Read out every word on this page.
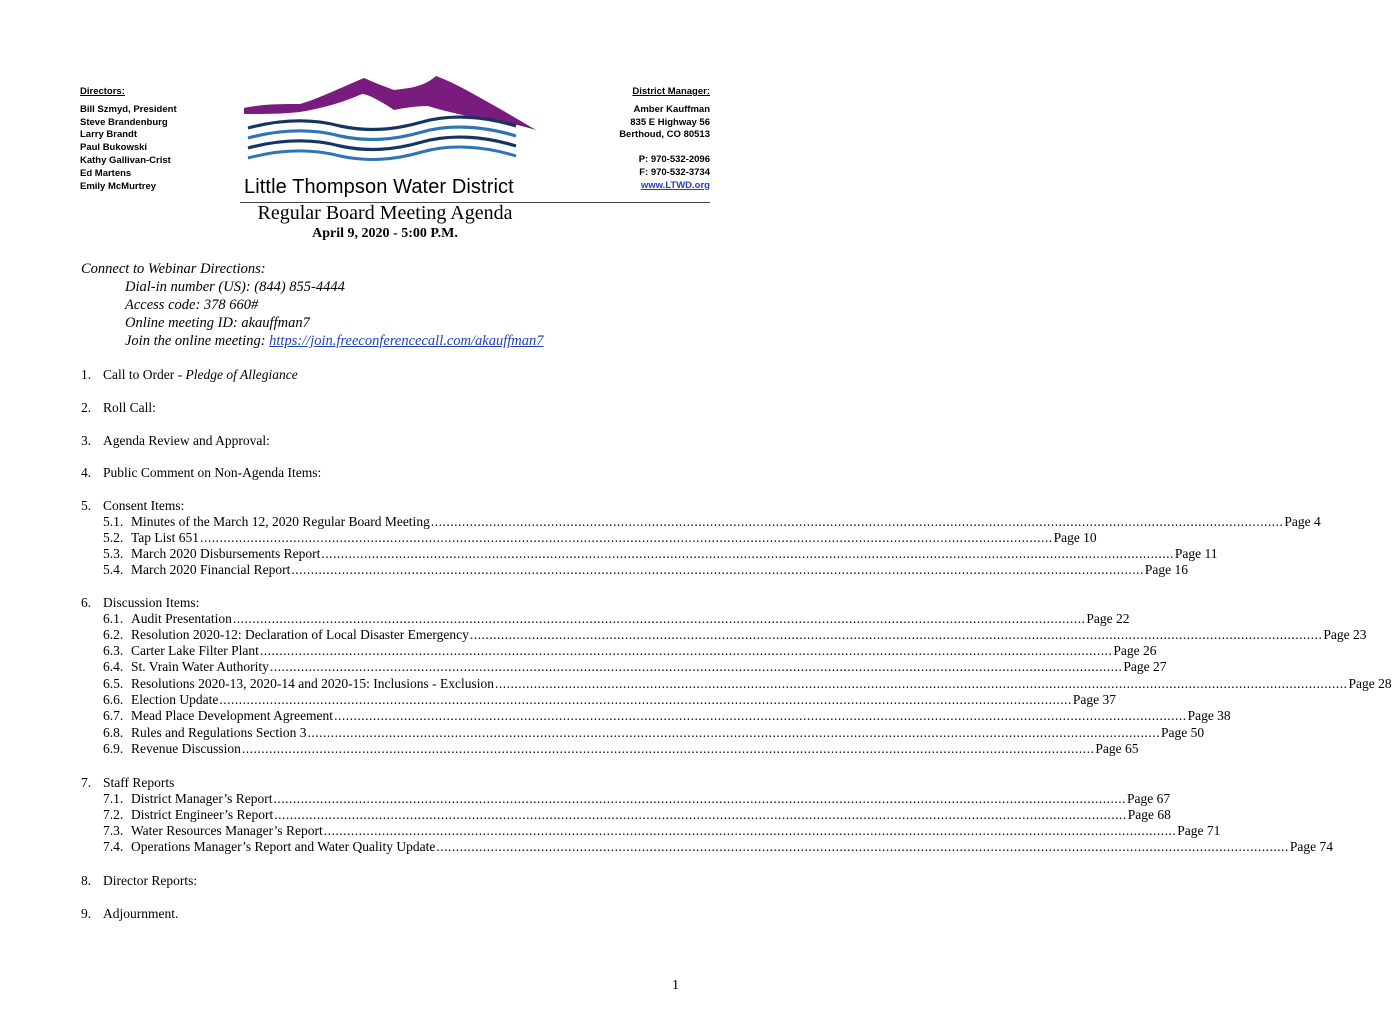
Directors:
Bill Szmyd, President
Steve Brandenburg
Larry Brandt
Paul Bukowski
Kathy Gallivan-Crist
Ed Martens
Emily McMurtrey	Little Thompson Water District
District Manager:
Amber Kauffman
835 E Highway 56
Berthoud, CO 80513
P: 970-532-2096
F: 970-532-3734
www.LTWD.org
Regular Board Meeting Agenda
April 9, 2020 - 5:00 P.M.
Connect to Webinar Directions:
Dial-in number (US): (844) 855-4444
Access code: 378 660#
Online meeting ID: akauffman7
Join the online meeting: https://join.freeconferencecall.com/akauffman7
1. Call to Order - Pledge of Allegiance
2. Roll Call:
3. Agenda Review and Approval:
4. Public Comment on Non-Agenda Items:
5. Consent Items:
5.1. Minutes of the March 12, 2020 Regular Board Meeting ............................................................................................................................................................................................................................ Page 4
5.2. Tap List 651 ............................................................................................................................................................................................................................ Page 10
5.3. March 2020 Disbursements Report ............................................................................................................................................................................................................................ Page 11
5.4. March 2020 Financial Report ............................................................................................................................................................................................................................ Page 16
6. Discussion Items:
6.1. Audit Presentation ............................................................................................................................................................................................................................ Page 22
6.2. Resolution 2020-12: Declaration of Local Disaster Emergency ............................................................................................................................................................................................................................ Page 23
6.3. Carter Lake Filter Plant ............................................................................................................................................................................................................................ Page 26
6.4. St. Vrain Water Authority ............................................................................................................................................................................................................................ Page 27
6.5. Resolutions 2020-13, 2020-14 and 2020-15: Inclusions - Exclusion ............................................................................................................................................................................................................................ Page 28
6.6. Election Update ............................................................................................................................................................................................................................ Page 37
6.7. Mead Place Development Agreement ............................................................................................................................................................................................................................ Page 38
6.8. Rules and Regulations Section 3 ............................................................................................................................................................................................................................ Page 50
6.9. Revenue Discussion ............................................................................................................................................................................................................................ Page 65
7. Staff Reports
7.1. District Manager’s Report ............................................................................................................................................................................................................................ Page 67
7.2. District Engineer’s Report ............................................................................................................................................................................................................................ Page 68
7.3. Water Resources Manager’s Report ............................................................................................................................................................................................................................ Page 71
7.4. Operations Manager’s Report and Water Quality Update ............................................................................................................................................................................................................................ Page 74
8. Director Reports:
9. Adjournment.
1
